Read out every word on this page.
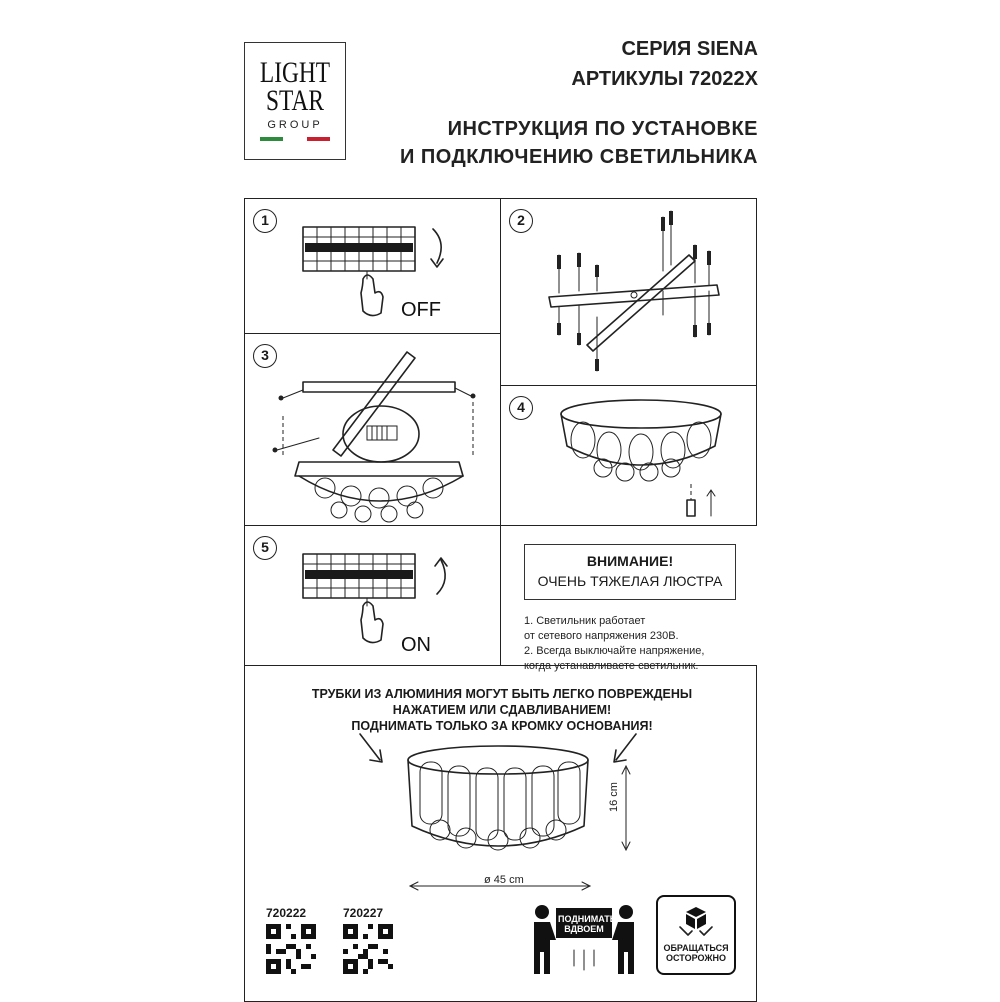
LIGHT
STAR
GROUP
СЕРИЯ SIENA
АРТИКУЛЫ 72022X
ИНСТРУКЦИЯ ПО УСТАНОВКЕ
И ПОДКЛЮЧЕНИЮ СВЕТИЛЬНИКА
1
OFF
2
3
4
5
ON
ВНИМАНИЕ!
ОЧЕНЬ ТЯЖЕЛАЯ ЛЮСТРА
1. Светильник работает
от сетевого напряжения 230В.
2. Всегда выключайте напряжение,
когда устанавливаете светильник.
ТРУБКИ ИЗ АЛЮМИНИЯ МОГУТ БЫТЬ ЛЕГКО ПОВРЕЖДЕНЫ
НАЖАТИЕМ ИЛИ СДАВЛИВАНИЕМ!
ПОДНИМАТЬ ТОЛЬКО ЗА КРОМКУ ОСНОВАНИЯ!
16 cm
ø 45 cm
720222	720227	ПОДНИМАТЬ
ВДВОЕМ
ОБРАЩАТЬСЯ
ОСТОРОЖНО
